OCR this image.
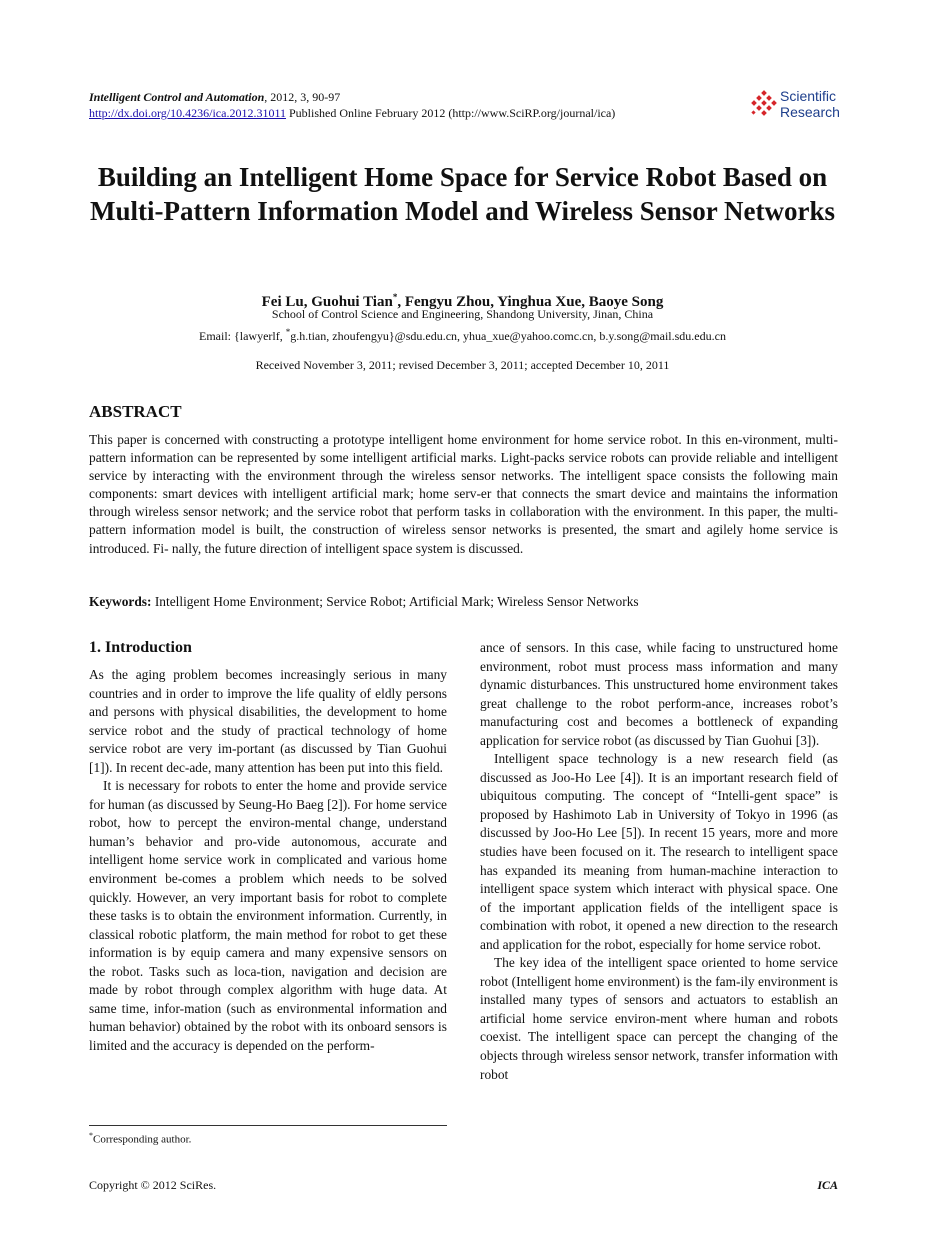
Intelligent Control and Automation, 2012, 3, 90-97
http://dx.doi.org/10.4236/ica.2012.31011 Published Online February 2012 (http://www.SciRP.org/journal/ica)
Scientific
Research
Building an Intelligent Home Space for Service Robot Based on Multi-Pattern Information Model and Wireless Sensor Networks
Fei Lu, Guohui Tian*, Fengyu Zhou, Yinghua Xue, Baoye Song
School of Control Science and Engineering, Shandong University, Jinan, China
Email: {lawyerlf, *g.h.tian, zhoufengyu}@sdu.edu.cn, yhua_xue@yahoo.comc.cn, b.y.song@mail.sdu.edu.cn
Received November 3, 2011; revised December 3, 2011; accepted December 10, 2011
ABSTRACT
This paper is concerned with constructing a prototype intelligent home environment for home service robot. In this en-vironment, multi-pattern information can be represented by some intelligent artificial marks. Light-packs service robots can provide reliable and intelligent service by interacting with the environment through the wireless sensor networks. The intelligent space consists the following main components: smart devices with intelligent artificial mark; home serv-er that connects the smart device and maintains the information through wireless sensor network; and the service robot that perform tasks in collaboration with the environment. In this paper, the multi-pattern information model is built, the construction of wireless sensor networks is presented, the smart and agilely home service is introduced. Fi- nally, the future direction of intelligent space system is discussed.
Keywords: Intelligent Home Environment; Service Robot; Artificial Mark; Wireless Sensor Networks
1. Introduction

As the aging problem becomes increasingly serious in many countries and in order to improve the life quality of eldly persons and persons with physical disabilities, the development to home service robot and the study of practical technology of home service robot are very im-portant (as discussed by Tian Guohui [1]). In recent dec-ade, many attention has been put into this field.

It is necessary for robots to enter the home and provide service for human (as discussed by Seung-Ho Baeg [2]). For home service robot, how to percept the environ-mental change, understand human’s behavior and pro-vide autonomous, accurate and intelligent home service work in complicated and various home environment be-comes a problem which needs to be solved quickly. However, an very important basis for robot to complete these tasks is to obtain the environment information. Currently, in classical robotic platform, the main method for robot to get these information is by equip camera and many expensive sensors on the robot. Tasks such as loca-tion, navigation and decision are made by robot through complex algorithm with huge data. At same time, infor-mation (such as environmental information and human behavior) obtained by the robot with its onboard sensors is limited and the accuracy is depended on the perform-

ance of sensors. In this case, while facing to unstructured home environment, robot must process mass information and many dynamic disturbances. This unstructured home environment takes great challenge to the robot perform-ance, increases robot’s manufacturing cost and becomes a bottleneck of expanding application for service robot (as discussed by Tian Guohui [3]).

Intelligent space technology is a new research field (as discussed as Joo-Ho Lee [4]). It is an important research field of ubiquitous computing. The concept of “Intelli-gent space” is proposed by Hashimoto Lab in University of Tokyo in 1996 (as discussed by Joo-Ho Lee [5]). In recent 15 years, more and more studies have been focused on it. The research to intelligent space has expanded its meaning from human-machine interaction to intelligent space system which interact with physical space. One of the important application fields of the intelligent space is combination with robot, it opened a new direction to the research and application for the robot, especially for home service robot.

The key idea of the intelligent space oriented to home service robot (Intelligent home environment) is the fam-ily environment is installed many types of sensors and actuators to establish an artificial home service environ-ment where human and robots coexist. The intelligent space can percept the changing of the objects through wireless sensor network, transfer information with robot

*Corresponding author.
Copyright © 2012 SciRes.	ICA
